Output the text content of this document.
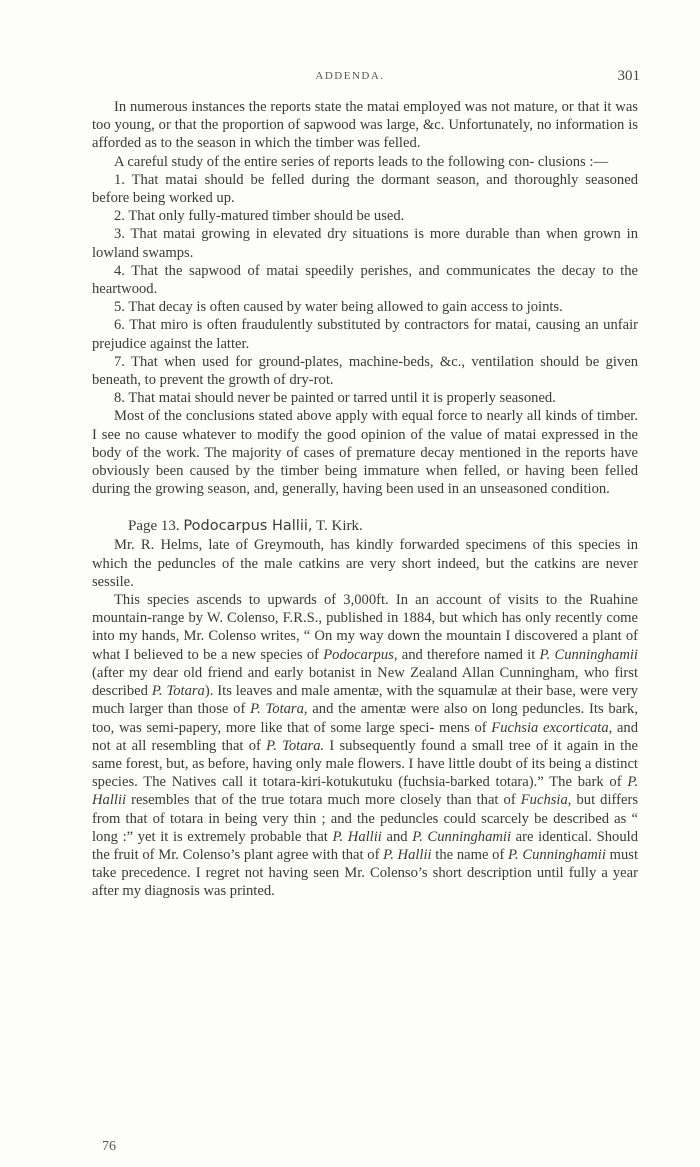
ADDENDA.	301

In numerous instances the reports state the matai employed was not mature, or that it was too young, or that the proportion of sapwood was large, &c. Unfortunately, no information is afforded as to the season in which the timber was felled.

A careful study of the entire series of reports leads to the following con- clusions :—

1. That matai should be felled during the dormant season, and thoroughly seasoned before being worked up.

2. That only fully-matured timber should be used.

3. That matai growing in elevated dry situations is more durable than when grown in lowland swamps.

4. That the sapwood of matai speedily perishes, and communicates the decay to the heartwood.

5. That decay is often caused by water being allowed to gain access to joints.

6. That miro is often fraudulently substituted by contractors for matai, causing an unfair prejudice against the latter.

7. That when used for ground-plates, machine-beds, &c., ventilation should be given beneath, to prevent the growth of dry-rot.

8. That matai should never be painted or tarred until it is properly seasoned.

Most of the conclusions stated above apply with equal force to nearly all kinds of timber. I see no cause whatever to modify the good opinion of the value of matai expressed in the body of the work. The majority of cases of premature decay mentioned in the reports have obviously been caused by the timber being immature when felled, or having been felled during the growing season, and, generally, having been used in an unseasoned condition.

Page 13. Podocarpus Hallii, T. Kirk.

Mr. R. Helms, late of Greymouth, has kindly forwarded specimens of this species in which the peduncles of the male catkins are very short indeed, but the catkins are never sessile.

This species ascends to upwards of 3,000ft. In an account of visits to the Ruahine mountain-range by W. Colenso, F.R.S., published in 1884, but which has only recently come into my hands, Mr. Colenso writes, “ On my way down the mountain I discovered a plant of what I believed to be a new species of Podocarpus, and therefore named it P. Cunninghamii (after my dear old friend and early botanist in New Zealand Allan Cunningham, who first described P. Totara). Its leaves and male amentæ, with the squamulæ at their base, were very much larger than those of P. Totara, and the amentæ were also on long peduncles. Its bark, too, was semi-papery, more like that of some large speci- mens of Fuchsia excorticata, and not at all resembling that of P. Totara. I subsequently found a small tree of it again in the same forest, but, as before, having only male flowers. I have little doubt of its being a distinct species. The Natives call it totara-kiri-kotukutuku (fuchsia-barked totara).” The bark of P. Hallii resembles that of the true totara much more closely than that of Fuchsia, but differs from that of totara in being very thin ; and the peduncles could scarcely be described as “ long :” yet it is extremely probable that P. Hallii and P. Cunninghamii are identical. Should the fruit of Mr. Colenso’s plant agree with that of P. Hallii the name of P. Cunninghamii must take precedence. I regret not having seen Mr. Colenso’s short description until fully a year after my diagnosis was printed.

76
